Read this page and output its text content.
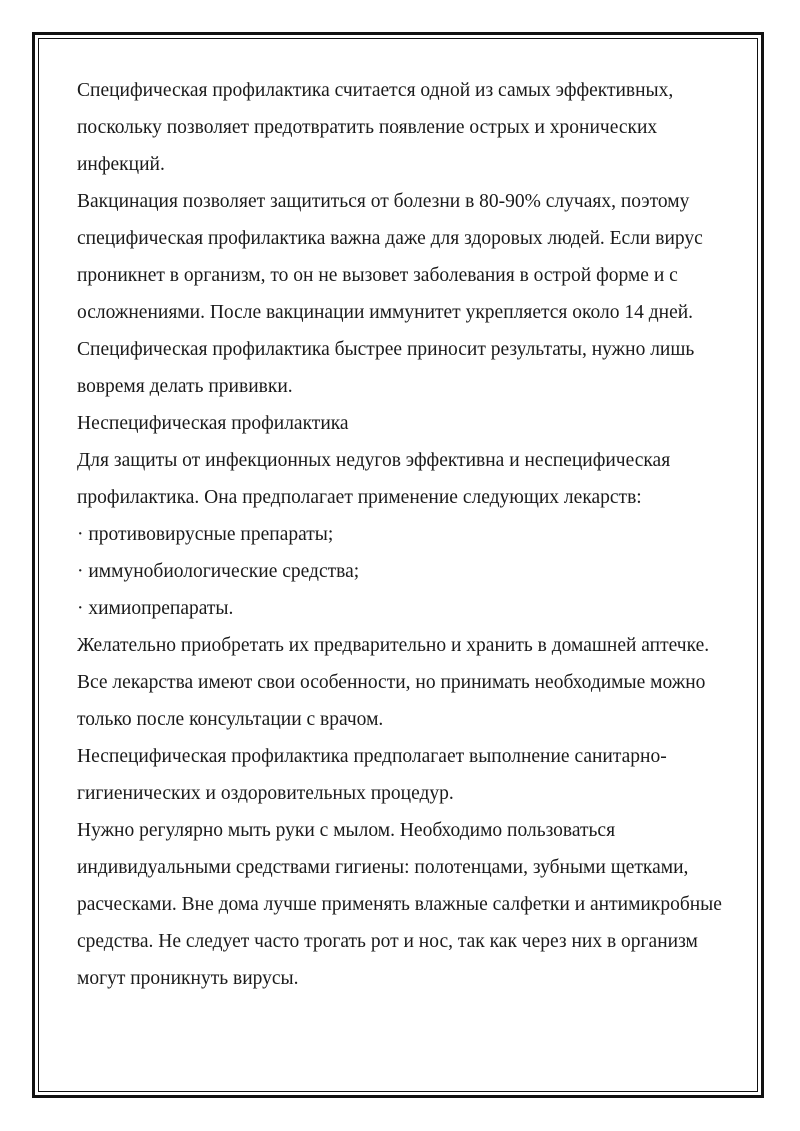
Специфическая профилактика считается одной из самых эффективных, поскольку позволяет предотвратить появление острых и хронических инфекций.

Вакцинация позволяет защититься от болезни в 80-90% случаях, поэтому специфическая профилактика важна даже для здоровых людей. Если вирус проникнет в организм, то он не вызовет заболевания в острой форме и с осложнениями. После вакцинации иммунитет укрепляется около 14 дней. Специфическая профилактика быстрее приносит результаты, нужно лишь вовремя делать прививки.

Неспецифическая профилактика

Для защиты от инфекционных недугов эффективна и неспецифическая профилактика. Она предполагает применение следующих лекарств:

· противовирусные препараты;

· иммунобиологические средства;

· химиопрепараты.

Желательно приобретать их предварительно и хранить в домашней аптечке. Все лекарства имеют свои особенности, но принимать необходимые можно только после консультации с врачом.

Неспецифическая профилактика предполагает выполнение санитарно-гигиенических и оздоровительных процедур.

Нужно регулярно мыть руки с мылом. Необходимо пользоваться индивидуальными средствами гигиены: полотенцами, зубными щетками, расческами. Вне дома лучше применять влажные салфетки и антимикробные средства. Не следует часто трогать рот и нос, так как через них в организм могут проникнуть вирусы.
